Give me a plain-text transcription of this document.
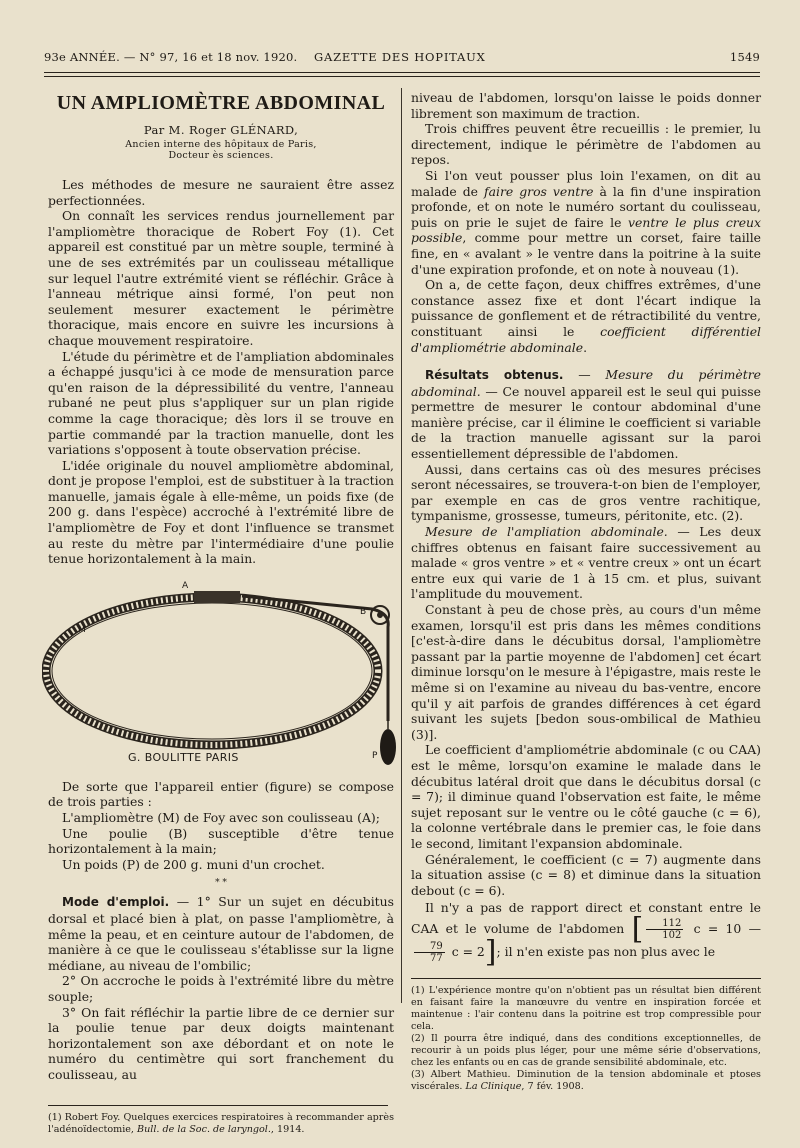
93e ANNÉE. — N° 97, 16 et 18 nov. 1920. GAZETTE DES HOPITAUX	1549
UN AMPLIOMÈTRE ABDOMINAL

Par M. Roger GLÉNARD,

Ancien interne des hôpitaux de Paris,

Docteur ès sciences.

Les méthodes de mesure ne sauraient être assez perfectionnées.

On connaît les services rendus journellement par l'ampliomètre thoracique de Robert Foy (1). Cet appareil est constitué par un mètre souple, terminé à une de ses extrémités par un coulisseau métallique sur lequel l'autre extrémité vient se réfléchir. Grâce à l'anneau métrique ainsi formé, l'on peut non seulement mesurer exactement le périmètre thoracique, mais encore en suivre les incursions à chaque mouvement respiratoire.

L'étude du périmètre et de l'ampliation abdominales a échappé jusqu'ici à ce mode de mensuration parce qu'en raison de la dépressibilité du ventre, l'anneau rubané ne peut plus s'appliquer sur un plan rigide comme la cage thoracique; dès lors il se trouve en partie commandé par la traction manuelle, dont les variations s'opposent à toute observation précise.

L'idée originale du nouvel ampliomètre abdominal, dont je propose l'emploi, est de substituer à la traction manuelle, jamais égale à elle-même, un poids fixe (de 200 g. dans l'espèce) accroché à l'extrémité libre de l'ampliomètre de Foy et dont l'influence se transmet au reste du mètre par l'intermédiaire d'une poulie tenue horizontalement à la main.

A
B
M
P
G. BOULITTE PARIS

De sorte que l'appareil entier (figure) se compose de trois parties :

L'ampliomètre (M) de Foy avec son coulisseau (A);

Une poulie (B) susceptible d'être tenue horizontalement à la main;

Un poids (P) de 200 g. muni d'un crochet.

* *

Mode d'emploi. — 1° Sur un sujet en décubitus dorsal et placé bien à plat, on passe l'ampliomètre, à même la peau, et en ceinture autour de l'abdomen, de manière à ce que le coulisseau s'établisse sur la ligne médiane, au niveau de l'ombilic;

2° On accroche le poids à l'extrémité libre du mètre souple;

3° On fait réfléchir la partie libre de ce dernier sur la poulie tenue par deux doigts maintenant horizontalement son axe débordant et on note le numéro du centimètre qui sort franchement du coulisseau, au

(1) Robert Foy. Quelques exercices respiratoires à recommander après l'adénoïdectomie, Bull. de la Soc. de laryngol., 1914.

niveau de l'abdomen, lorsqu'on laisse le poids donner librement son maximum de traction.

Trois chiffres peuvent être recueillis : le premier, lu directement, indique le périmètre de l'abdomen au repos.

Si l'on veut pousser plus loin l'examen, on dit au malade de faire gros ventre à la fin d'une inspiration profonde, et on note le numéro sortant du coulisseau, puis on prie le sujet de faire le ventre le plus creux possible, comme pour mettre un corset, faire taille fine, en « avalant » le ventre dans la poitrine à la suite d'une expiration profonde, et on note à nouveau (1).

On a, de cette façon, deux chiffres extrêmes, d'une constance assez fixe et dont l'écart indique la puissance de gonflement et de rétractibilité du ventre, constituant ainsi le coefficient différentiel d'ampliométrie abdominale.

Résultats obtenus. — Mesure du périmètre abdominal. — Ce nouvel appareil est le seul qui puisse permettre de mesurer le contour abdominal d'une manière précise, car il élimine le coefficient si variable de la traction manuelle agissant sur la paroi essentiellement dépressible de l'abdomen.

Aussi, dans certains cas où des mesures précises seront nécessaires, se trouvera-t-on bien de l'employer, par exemple en cas de gros ventre rachitique, tympanisme, grossesse, tumeurs, péritonite, etc. (2).

Mesure de l'ampliation abdominale. — Les deux chiffres obtenus en faisant faire successivement au malade « gros ventre » et « ventre creux » ont un écart entre eux qui varie de 1 à 15 cm. et plus, suivant l'amplitude du mouvement.

Constant à peu de chose près, au cours d'un même examen, lorsqu'il est pris dans les mêmes conditions [c'est-à-dire dans le décubitus dorsal, l'ampliomètre passant par la partie moyenne de l'abdomen] cet écart diminue lorsqu'on le mesure à l'épigastre, mais reste le même si on l'examine au niveau du bas-ventre, encore qu'il y ait parfois de grandes différences à cet égard suivant les sujets [bedon sous-ombilical de Mathieu (3)].

Le coefficient d'ampliométrie abdominale (c ou CAA) est le même, lorsqu'on examine le malade dans le décubitus latéral droit que dans le décubitus dorsal (c = 7); il diminue quand l'observation est faite, le même sujet reposant sur le ventre ou le côté gauche (c = 6), la colonne vertébrale dans le premier cas, le foie dans le second, limitant l'expansion abdominale.

Généralement, le coefficient (c = 7) augmente dans la situation assise (c = 8) et diminue dans la situation debout (c = 6).

Il n'y a pas de rapport direct et constant entre le CAA et le volume de l'abdomen [ $\frac{112}{102}$ c = 10 —
$\frac{79}{77}$ c = 2]; il n'en existe pas non plus avec le

(1) L'expérience montre qu'on n'obtient pas un résultat bien différent en faisant faire la manœuvre du ventre en inspiration forcée et maintenue : l'air contenu dans la poitrine est trop compressible pour cela.

(2) Il pourra être indiqué, dans des conditions exceptionnelles, de recourir à un poids plus léger, pour une même série d'observations, chez les enfants ou en cas de grande sensibilité abdominale, etc.

(3) Albert Mathieu. Diminution de la tension abdominale et ptoses viscérales. La Clinique, 7 fév. 1908.
